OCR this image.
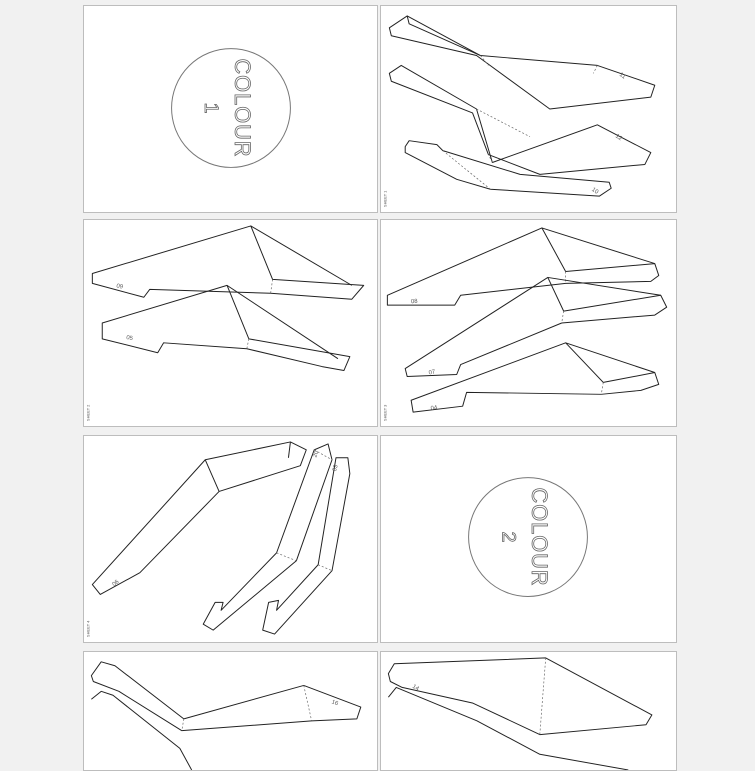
COLOUR
1
11
12
10
SHEET 1
09
05
SHEET 2
08
07
04
SHEET 3
06
20
03
SHEET 4
COLOUR
2
16
14
